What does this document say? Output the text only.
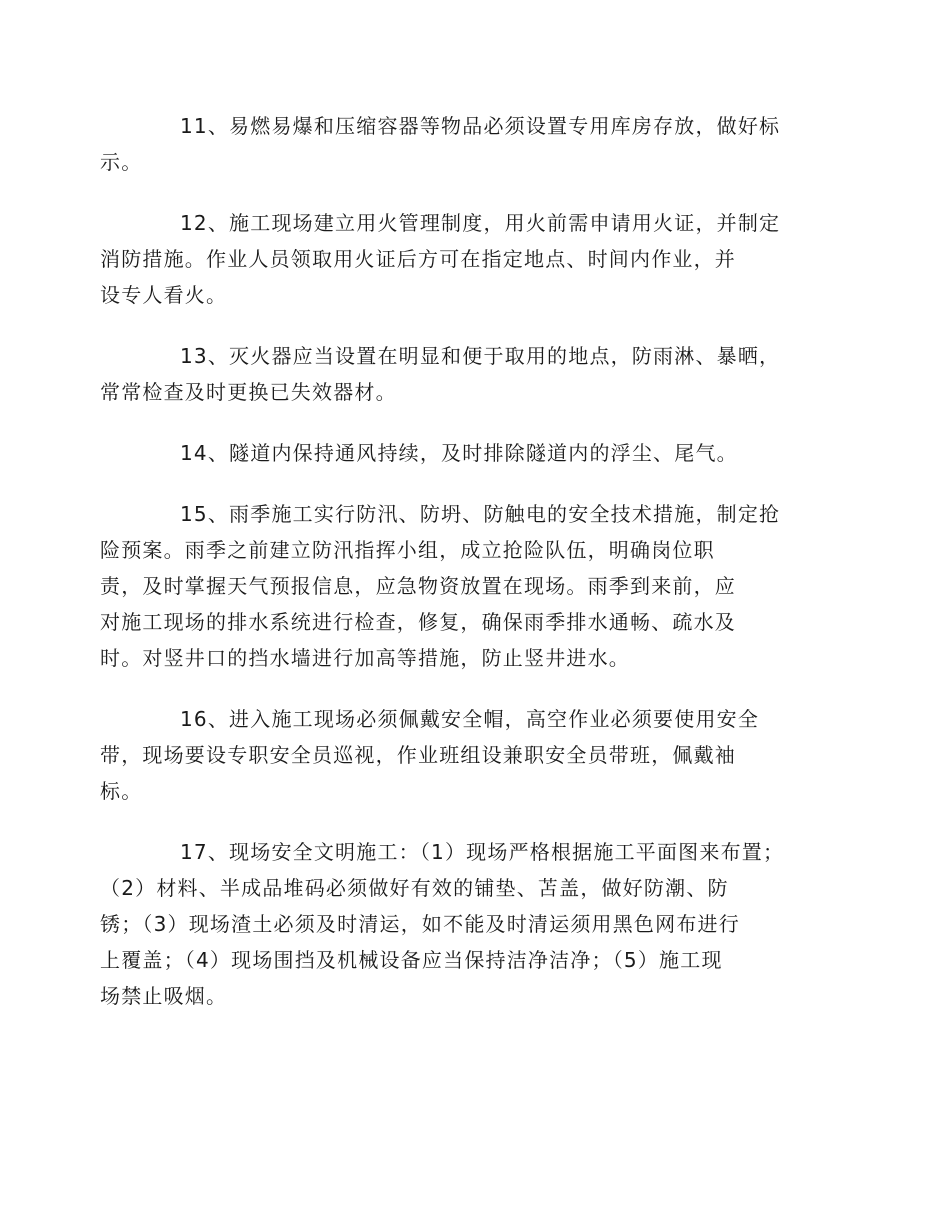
11、易燃易爆和压缩容器等物品必须设置专用库房存放，做好标
示。

12、施工现场建立用火管理制度，用火前需申请用火证，并制定
消防措施。作业人员领取用火证后方可在指定地点、时间内作业，并
设专人看火。

13、灭火器应当设置在明显和便于取用的地点，防雨淋、暴晒，
常常检查及时更换已失效器材。

14、隧道内保持通风持续，及时排除隧道内的浮尘、尾气。

15、雨季施工实行防汛、防坍、防触电的安全技术措施，制定抢
险预案。雨季之前建立防汛指挥小组，成立抢险队伍，明确岗位职
责，及时掌握天气预报信息，应急物资放置在现场。雨季到来前，应
对施工现场的排水系统进行检查，修复，确保雨季排水通畅、疏水及
时。对竖井口的挡水墙进行加高等措施，防止竖井进水。

16、进入施工现场必须佩戴安全帽，高空作业必须要使用安全
带，现场要设专职安全员巡视，作业班组设兼职安全员带班，佩戴袖
标。

17、现场安全文明施工：（1）现场严格根据施工平面图来布置；
（2）材料、半成品堆码必须做好有效的铺垫、苫盖，做好防潮、防
锈；（3）现场渣土必须及时清运，如不能及时清运须用黑色网布进行
上覆盖；（4）现场围挡及机械设备应当保持洁净洁净；（5）施工现
场禁止吸烟。
